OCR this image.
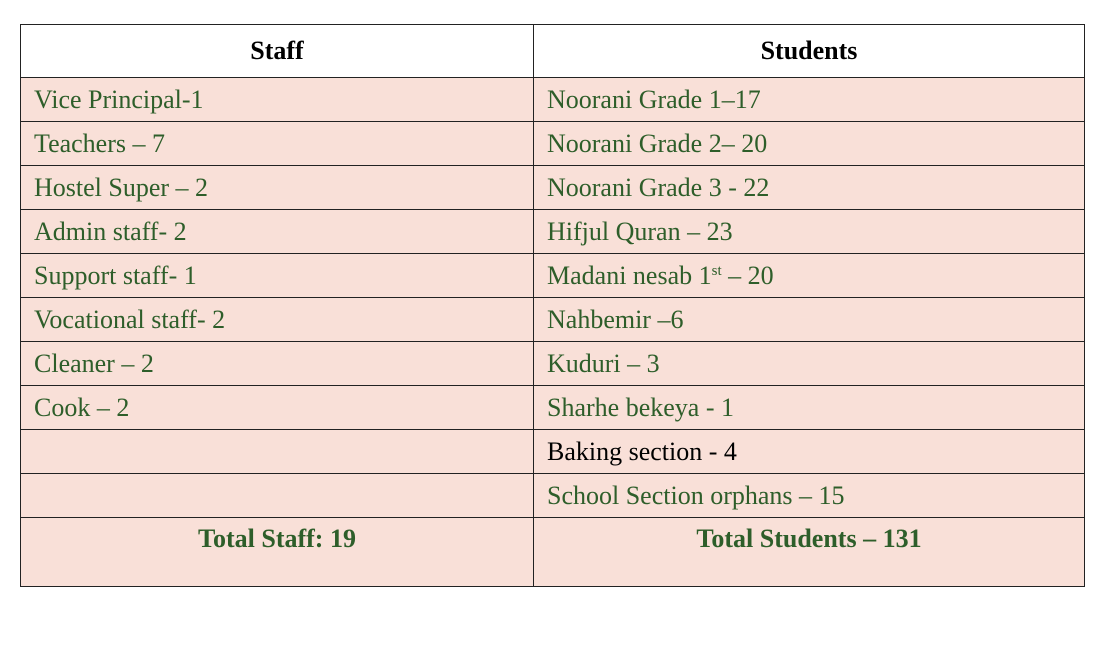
Staff	Students
Vice Principal-1	Noorani Grade 1–17
Teachers – 7	Noorani Grade 2– 20
Hostel Super – 2	Noorani Grade 3 - 22
Admin staff- 2	Hifjul Quran – 23
Support staff- 1	Madani nesab 1st – 20
Vocational staff- 2	Nahbemir –6
Cleaner – 2	Kuduri – 3
Cook – 2	Sharhe bekeya - 1
	Baking section - 4
	School Section orphans – 15
Total Staff: 19	Total Students – 131
